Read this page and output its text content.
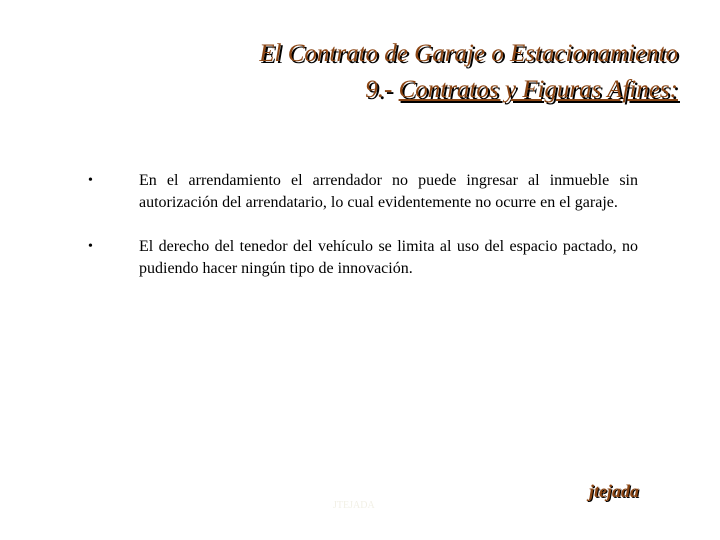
El Contrato de Garaje o Estacionamiento
9.- Contratos y Figuras Afines:
•	En el arrendamiento el arrendador no puede ingresar al inmueble sin autorización del arrendatario, lo cual evidentemente no ocurre en el garaje.
•	El derecho del tenedor del vehículo se limita al uso del espacio pactado, no pudiendo hacer ningún tipo de innovación.
JTEJADA
jtejada
